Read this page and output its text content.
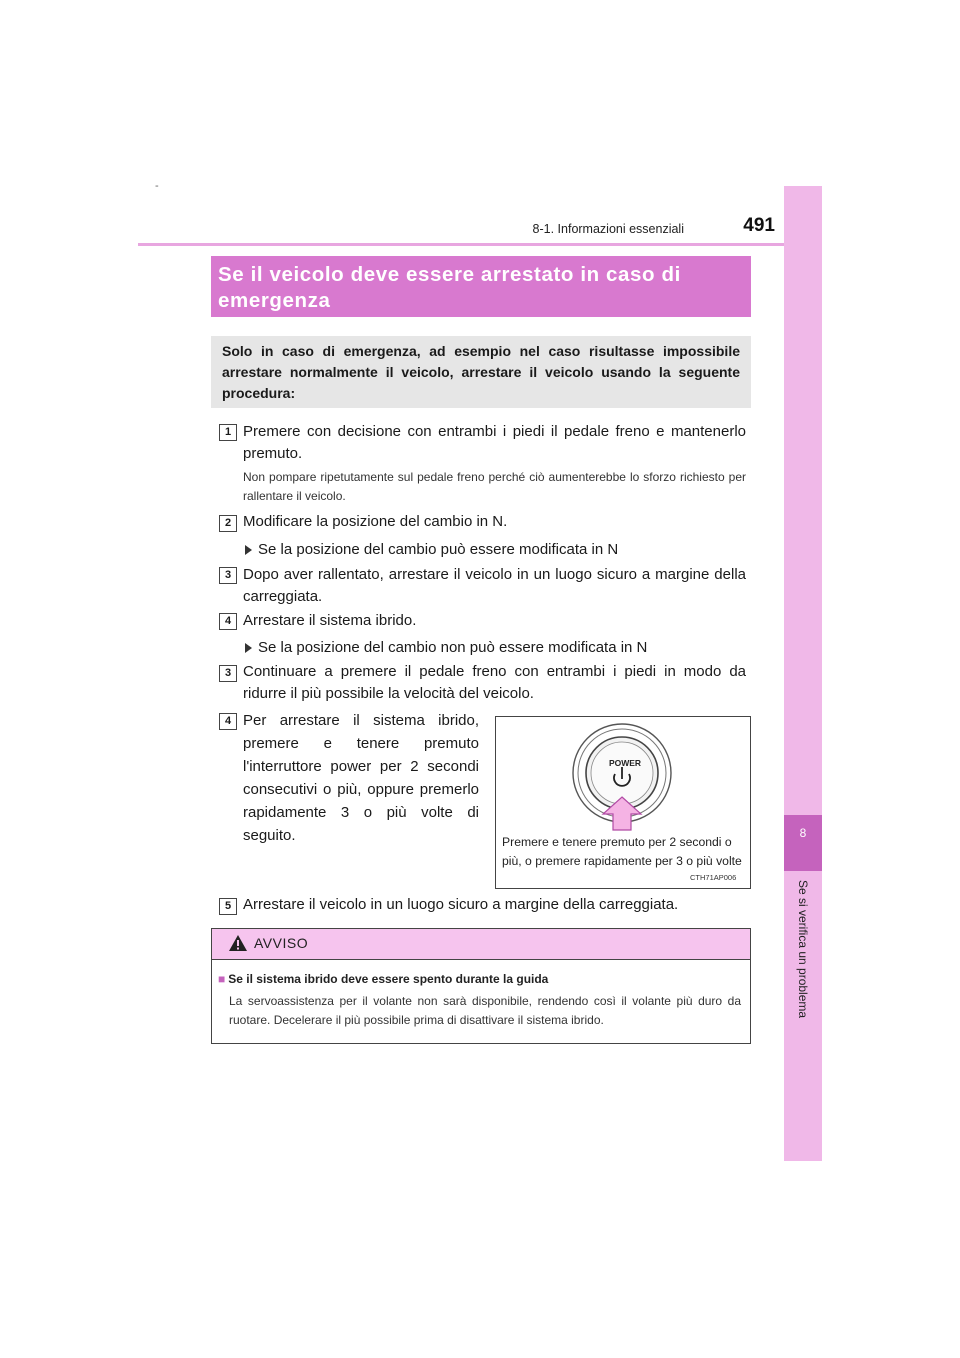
-
8-1. Informazioni essenziali	491
8
Se si verifica un problema
Se il veicolo deve essere arrestato in caso di emergenza
Solo in caso di emergenza, ad esempio nel caso risultasse impossibile arrestare normalmente il veicolo, arrestare il veicolo usando la seguente procedura:
1 Premere con decisione con entrambi i piedi il pedale freno e mantenerlo premuto.
Non pompare ripetutamente sul pedale freno perché ciò aumenterebbe lo sforzo richiesto per rallentare il veicolo.
2 Modificare la posizione del cambio in N.
Se la posizione del cambio può essere modificata in N
3 Dopo aver rallentato, arrestare il veicolo in un luogo sicuro a margine della carreggiata.
4 Arrestare il sistema ibrido.
Se la posizione del cambio non può essere modificata in N
3 Continuare a premere il pedale freno con entrambi i piedi in modo da ridurre il più possibile la velocità del veicolo.
4 Per arrestare il sistema ibrido, premere e tenere premuto l'interruttore power per 2 secondi consecutivi o più, oppure premerlo rapidamente 3 o più volte di seguito.
POWER
Premere e tenere premuto per 2 secondi o più, o premere rapidamente per 3 o più volte
CTH71AP006
5 Arrestare il veicolo in un luogo sicuro a margine della carreggiata.
AVVISO
■ Se il sistema ibrido deve essere spento durante la guida
La servoassistenza per il volante non sarà disponibile, rendendo così il volante più duro da ruotare. Decelerare il più possibile prima di disattivare il sistema ibrido.
